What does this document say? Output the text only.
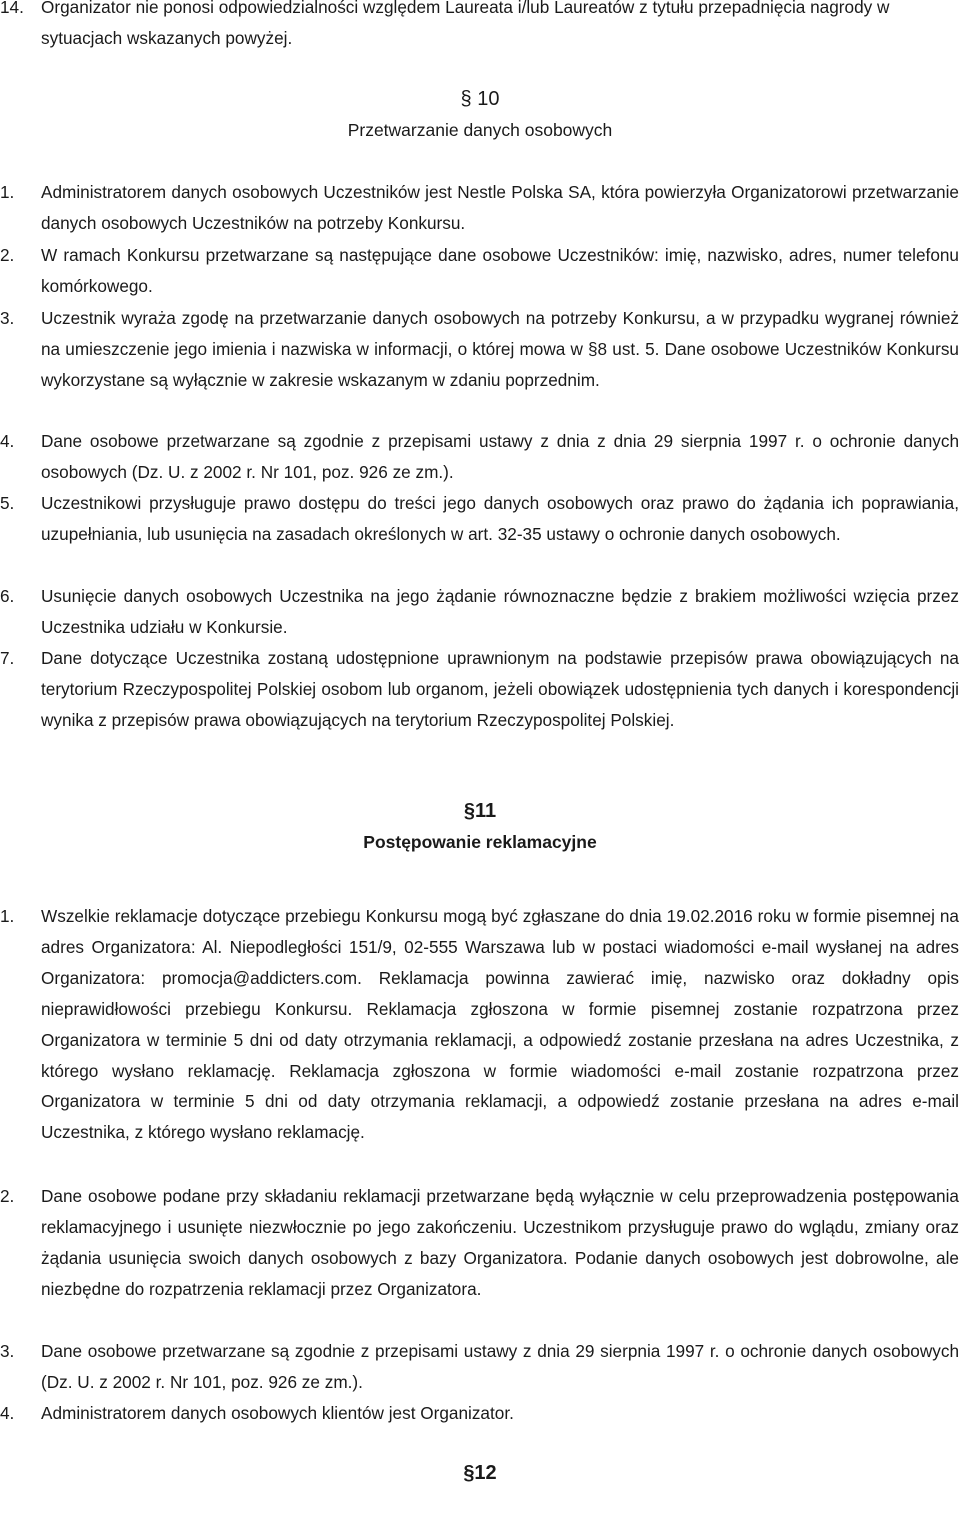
14. Organizator nie ponosi odpowiedzialności względem Laureata i/lub Laureatów z tytułu przepadnięcia nagrody w sytuacjach wskazanych powyżej.
§ 10
Przetwarzanie danych osobowych
1.	Administratorem danych osobowych Uczestników jest Nestle Polska SA, która powierzyła Organizatorowi przetwarzanie danych osobowych Uczestników na potrzeby Konkursu.
2.	W ramach Konkursu przetwarzane są następujące dane osobowe Uczestników: imię, nazwisko, adres, numer telefonu komórkowego.
3.	Uczestnik wyraża zgodę na przetwarzanie danych osobowych na potrzeby Konkursu, a w przypadku wygranej również na umieszczenie jego imienia i nazwiska w informacji, o której mowa w §8 ust. 5. Dane osobowe Uczestników Konkursu wykorzystane są wyłącznie w zakresie wskazanym w zdaniu poprzednim.
4.	Dane osobowe przetwarzane są zgodnie z przepisami ustawy z dnia z dnia 29 sierpnia 1997 r. o ochronie danych osobowych (Dz. U. z 2002 r. Nr 101, poz. 926 ze zm.).
5.	Uczestnikowi przysługuje prawo dostępu do treści jego danych osobowych oraz prawo do żądania ich poprawiania, uzupełniania, lub usunięcia na zasadach określonych w art. 32-35 ustawy o ochronie danych osobowych.
6.	Usunięcie danych osobowych Uczestnika na jego żądanie równoznaczne będzie z brakiem możliwości wzięcia przez Uczestnika udziału w Konkursie.
7.	Dane dotyczące Uczestnika zostaną udostępnione uprawnionym na podstawie przepisów prawa obowiązujących na terytorium Rzeczypospolitej Polskiej osobom lub organom, jeżeli obowiązek udostępnienia tych danych i korespondencji wynika z przepisów prawa obowiązujących na terytorium Rzeczypospolitej Polskiej.
§11
Postępowanie reklamacyjne
1.	Wszelkie reklamacje dotyczące przebiegu Konkursu mogą być zgłaszane do dnia 19.02.2016 roku w formie pisemnej na adres Organizatora: Al. Niepodległości 151/9, 02-555 Warszawa lub w postaci wiadomości e-mail wysłanej na adres Organizatora: promocja@addicters.com. Reklamacja powinna zawierać imię, nazwisko oraz dokładny opis nieprawidłowości przebiegu Konkursu. Reklamacja zgłoszona w formie pisemnej zostanie rozpatrzona przez Organizatora w terminie 5 dni od daty otrzymania reklamacji, a odpowiedź zostanie przesłana na adres Uczestnika, z którego wysłano reklamację. Reklamacja zgłoszona w formie wiadomości e-mail zostanie rozpatrzona przez Organizatora w terminie 5 dni od daty otrzymania reklamacji, a odpowiedź zostanie przesłana na adres e-mail Uczestnika, z którego wysłano reklamację.
2.	Dane osobowe podane przy składaniu reklamacji przetwarzane będą wyłącznie w celu przeprowadzenia postępowania reklamacyjnego i usunięte niezwłocznie po jego zakończeniu. Uczestnikom przysługuje prawo do wglądu, zmiany oraz żądania usunięcia swoich danych osobowych z bazy Organizatora. Podanie danych osobowych jest dobrowolne, ale niezbędne do rozpatrzenia reklamacji przez Organizatora.
3.	Dane osobowe przetwarzane są zgodnie z przepisami ustawy z dnia 29 sierpnia 1997 r. o ochronie danych osobowych (Dz. U. z 2002 r. Nr 101, poz. 926 ze zm.).
4.	Administratorem danych osobowych klientów jest Organizator.
§12
